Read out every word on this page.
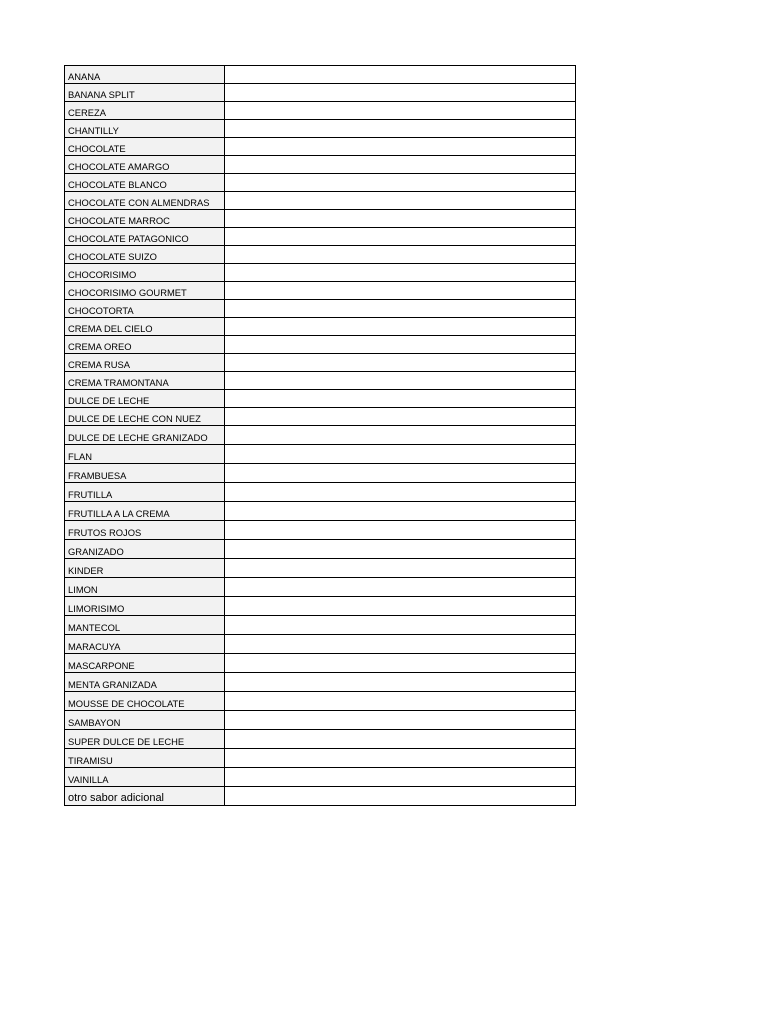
ANANA	
BANANA SPLIT	
CEREZA	
CHANTILLY	
CHOCOLATE	
CHOCOLATE AMARGO	
CHOCOLATE BLANCO	
CHOCOLATE CON ALMENDRAS	
CHOCOLATE MARROC	
CHOCOLATE PATAGONICO	
CHOCOLATE SUIZO	
CHOCORISIMO	
CHOCORISIMO GOURMET	
CHOCOTORTA	
CREMA DEL CIELO	
CREMA OREO	
CREMA RUSA	
CREMA TRAMONTANA	
DULCE DE LECHE	
DULCE DE LECHE CON NUEZ	
DULCE DE LECHE GRANIZADO	
FLAN	
FRAMBUESA	
FRUTILLA	
FRUTILLA A LA CREMA	
FRUTOS ROJOS	
GRANIZADO	
KINDER	
LIMON	
LIMORISIMO	
MANTECOL	
MARACUYA	
MASCARPONE	
MENTA GRANIZADA	
MOUSSE DE CHOCOLATE	
SAMBAYON	
SUPER DULCE DE LECHE	
TIRAMISU	
VAINILLA	
otro sabor adicional	
